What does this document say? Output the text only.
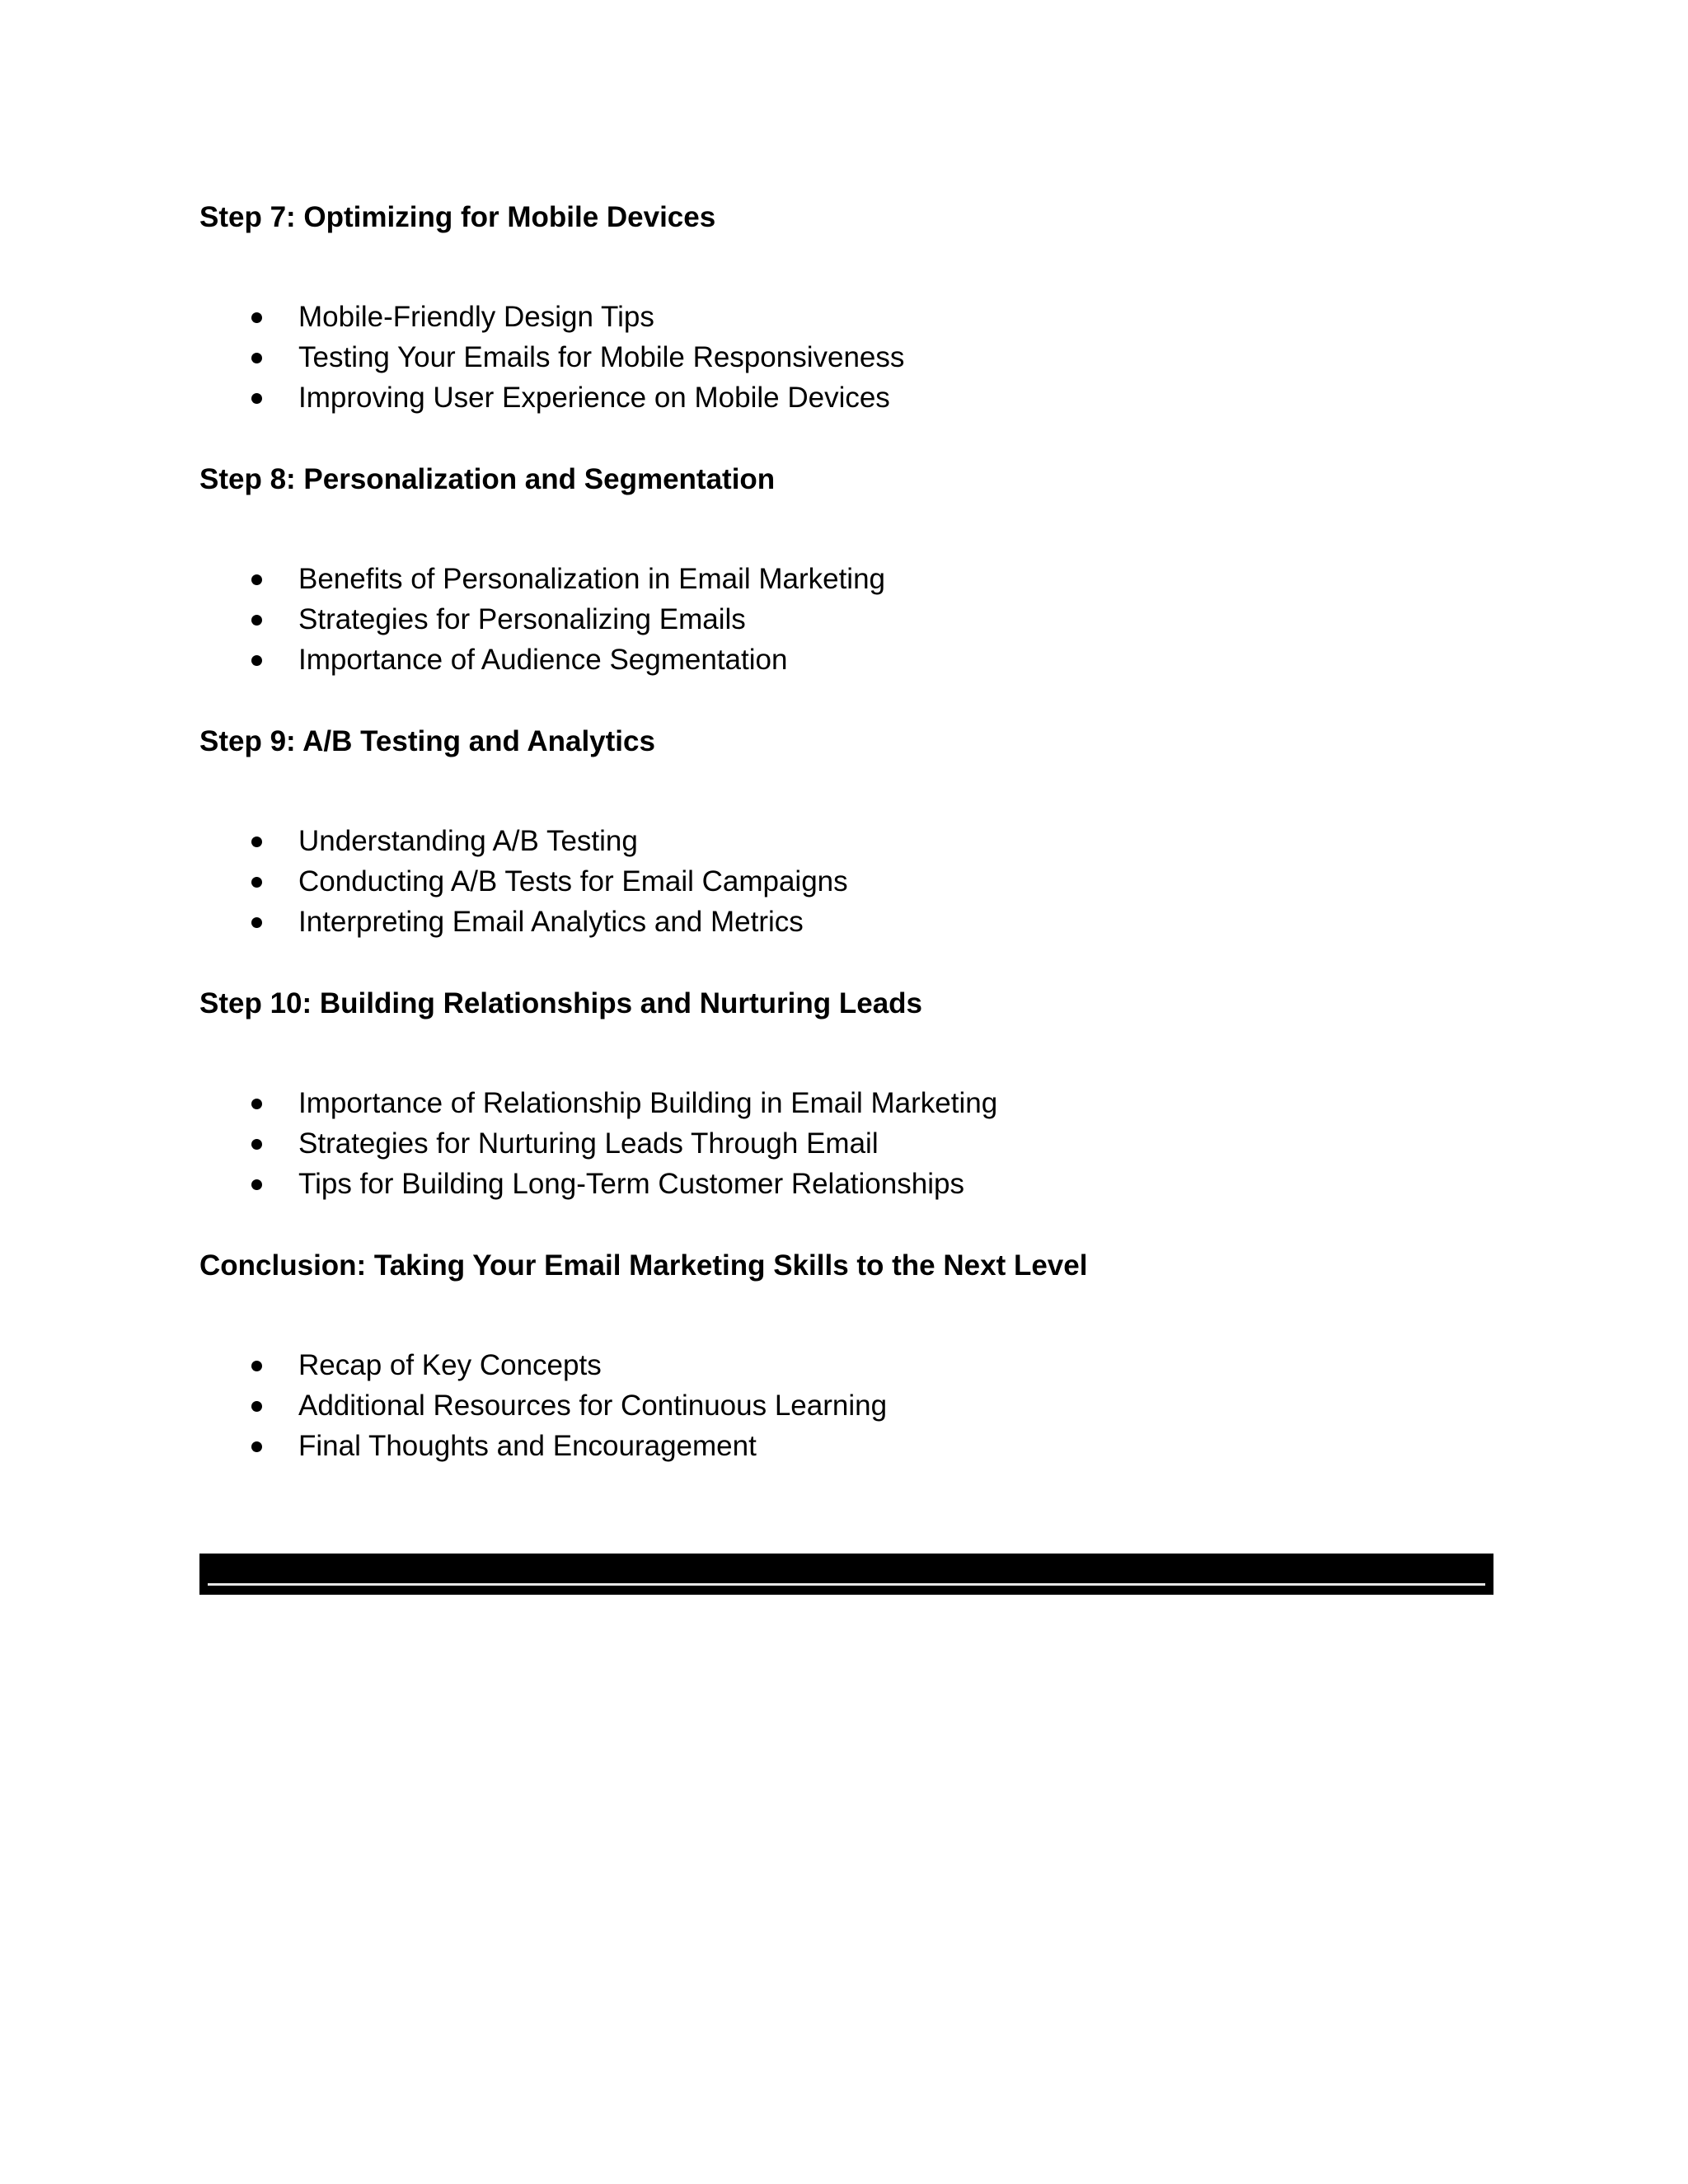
Step 7: Optimizing for Mobile Devices
Mobile-Friendly Design Tips
Testing Your Emails for Mobile Responsiveness
Improving User Experience on Mobile Devices
Step 8: Personalization and Segmentation
Benefits of Personalization in Email Marketing
Strategies for Personalizing Emails
Importance of Audience Segmentation
Step 9: A/B Testing and Analytics
Understanding A/B Testing
Conducting A/B Tests for Email Campaigns
Interpreting Email Analytics and Metrics
Step 10: Building Relationships and Nurturing Leads
Importance of Relationship Building in Email Marketing
Strategies for Nurturing Leads Through Email
Tips for Building Long-Term Customer Relationships
Conclusion: Taking Your Email Marketing Skills to the Next Level
Recap of Key Concepts
Additional Resources for Continuous Learning
Final Thoughts and Encouragement
